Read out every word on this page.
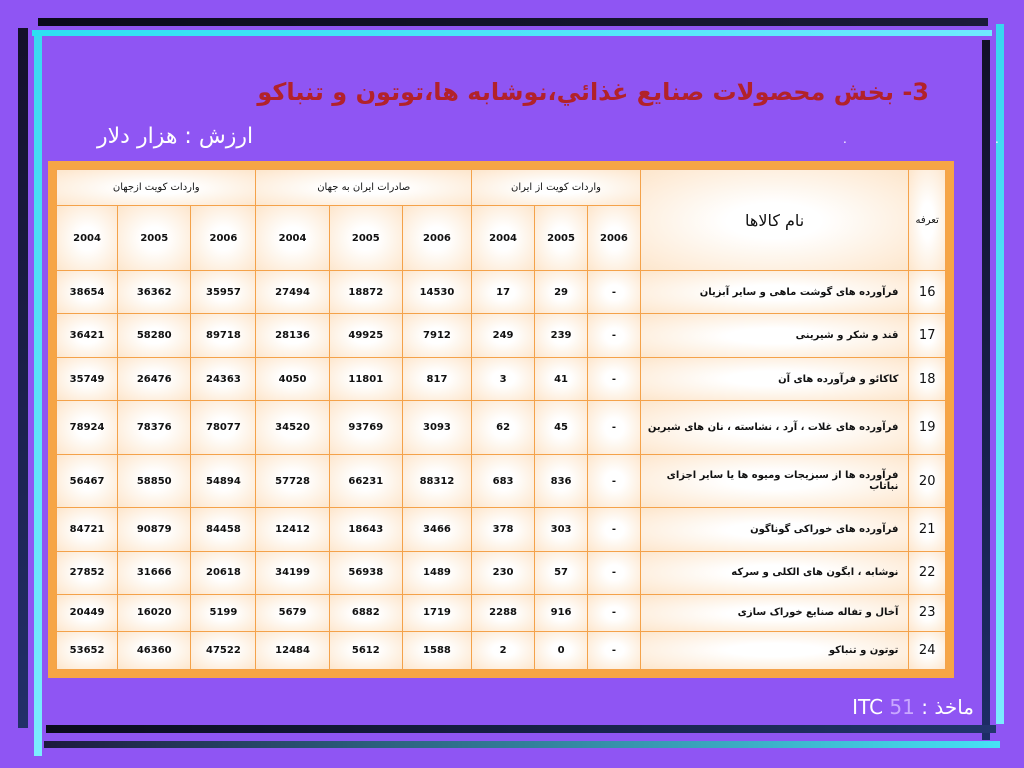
3- بخش محصولات صنايع غذائي،نوشابه ها،توتون و تنباكو
ارزش : هزار دلار	.	.
تعرفه	نام کالاها	واردات کویت از ایران			صادرات ایران به جهان			واردات کویت ازجهان		
		2006	2005	2004	2006	2005	2004	2006	2005	2004
16	فرآورده های گوشت ماهی و سایر آبزیان	-	29	17	14530	18872	27494	35957	36362	38654
17	قند و شکر و شیرینی	-	239	249	7912	49925	28136	89718	58280	36421
18	کاکائو و فرآورده های آن	-	41	3	817	11801	4050	24363	26476	35749
19	فرآورده های غلات ، آرد ، نشاسته ، نان های شیرین	-	45	62	3093	93769	34520	78077	78376	78924
20	فرآورده ها از سبزیجات ومیوه ها یا سایر اجزای نباتاب	-	836	683	88312	66231	57728	54894	58850	56467
21	فرآورده های خوراکی گوناگون	-	303	378	3466	18643	12412	84458	90879	84721
22	نوشابه ، ابگون های الکلی و سرکه	-	57	230	1489	56938	34199	20618	31666	27852
23	آخال و تفاله صنایع خوراک سازی	-	916	2288	1719	6882	5679	5199	16020	20449
24	توتون و تنباکو	-	0	2	1588	5612	12484	47522	46360	53652
ماخذ : ITC 51
